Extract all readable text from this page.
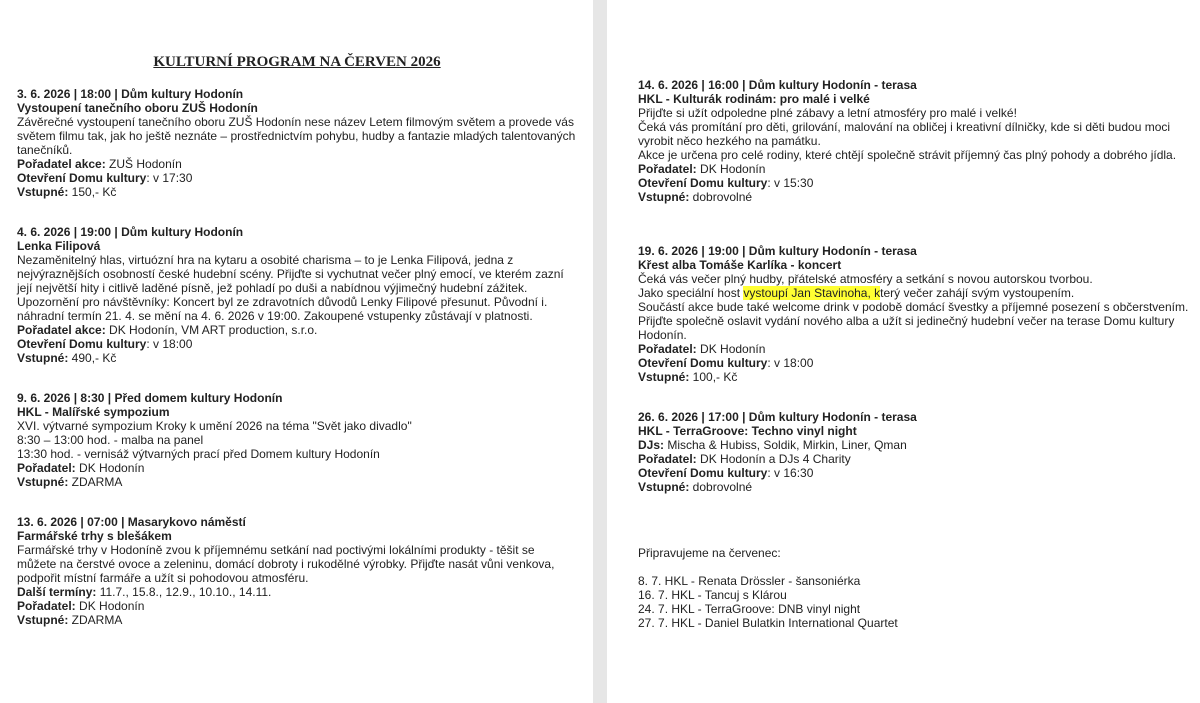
KULTURNÍ PROGRAM NA ČERVEN 2026
3. 6. 2026 | 18:00 | Dům kultury Hodonín
Vystoupení tanečního oboru ZUŠ Hodonín
Závěrečné vystoupení tanečního oboru ZUŠ Hodonín nese název Letem filmovým světem a provede vás světem filmu tak, jak ho ještě neznáte – prostřednictvím pohybu, hudby a fantazie mladých talentovaných tanečníků.
Pořadatel akce: ZUŠ Hodonín
Otevření Domu kultury: v 17:30
Vstupné: 150,- Kč
4. 6. 2026 | 19:00 | Dům kultury Hodonín
Lenka Filipová
Nezaměnitelný hlas, virtuózní hra na kytaru a osobité charisma – to je Lenka Filipová, jedna z nejvýraznějších osobností české hudební scény. Přijďte si vychutnat večer plný emocí, ve kterém zazní její největší hity i citlivě laděné písně, jež pohladí po duši a nabídnou výjimečný hudební zážitek.
Upozornění pro návštěvníky: Koncert byl ze zdravotních důvodů Lenky Filipové přesunut. Původní i. náhradní termín 21. 4. se mění na 4. 6. 2026 v 19:00. Zakoupené vstupenky zůstávají v platnosti.
Pořadatel akce: DK Hodonín, VM ART production, s.r.o.
Otevření Domu kultury: v 18:00
Vstupné: 490,- Kč
9. 6. 2026 | 8:30 | Před domem kultury Hodonín
HKL - Malířské sympozium
XVI. výtvarné sympozium Kroky k umění 2026 na téma "Svět jako divadlo"
8:30 – 13:00 hod. - malba na panel
13:30 hod. - vernisáž výtvarných prací před Domem kultury Hodonín
Pořadatel: DK Hodonín
Vstupné: ZDARMA
13. 6. 2026 | 07:00 | Masarykovo náměstí
Farmářské trhy s blešákem
Farmářské trhy v Hodoníně zvou k příjemnému setkání nad poctivými lokálními produkty - těšit se můžete na čerstvé ovoce a zeleninu, domácí dobroty i rukodělné výrobky. Přijďte nasát vůni venkova, podpořit místní farmáře a užít si pohodovou atmosféru.
Další termíny: 11.7., 15.8., 12.9., 10.10., 14.11.
Pořadatel: DK Hodonín
Vstupné: ZDARMA
14. 6. 2026 | 16:00 | Dům kultury Hodonín - terasa
HKL - Kulturák rodinám: pro malé i velké
Přijďte si užít odpoledne plné zábavy a letní atmosféry pro malé i velké!
Čeká vás promítání pro děti, grilování, malování na obličej i kreativní dílničky, kde si děti budou moci vyrobit něco hezkého na památku.
Akce je určena pro celé rodiny, které chtějí společně strávit příjemný čas plný pohody a dobrého jídla.
Pořadatel: DK Hodonín
Otevření Domu kultury: v 15:30
Vstupné: dobrovolné
19. 6. 2026 | 19:00 | Dům kultury Hodonín - terasa
Křest alba Tomáše Karlíka - koncert
Čeká vás večer plný hudby, přátelské atmosféry a setkání s novou autorskou tvorbou.
Jako speciální host vystoupí Jan Stavinoha, který večer zahájí svým vystoupením.
Součástí akce bude také welcome drink v podobě domácí švestky a příjemné posezení s občerstvením. Přijďte společně oslavit vydání nového alba a užít si jedinečný hudební večer na terase Domu kultury Hodonín.
Pořadatel: DK Hodonín
Otevření Domu kultury: v 18:00
Vstupné: 100,- Kč
26. 6. 2026 | 17:00 | Dům kultury Hodonín - terasa
HKL - TerraGroove: Techno vinyl night
DJs: Mischa & Hubiss, Soldik, Mirkin, Liner, Qman
Pořadatel: DK Hodonín a DJs 4 Charity
Otevření Domu kultury: v 16:30
Vstupné: dobrovolné
Připravujeme na červenec:
8. 7. HKL - Renata Drössler - šansoniérka
16. 7. HKL - Tancuj s Klárou
24. 7. HKL - TerraGroove: DNB vinyl night
27. 7. HKL - Daniel Bulatkin International Quartet
